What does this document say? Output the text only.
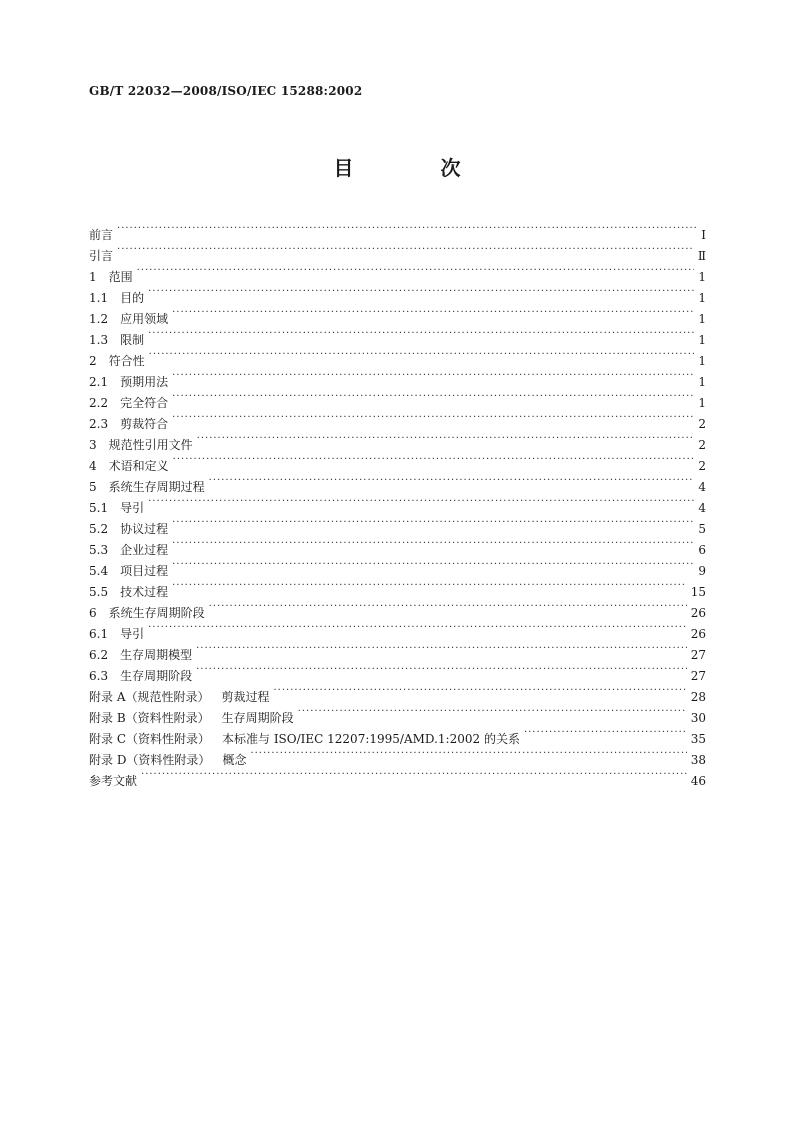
GB/T 22032—2008/ISO/IEC 15288:2002
目 次
前言 ·····	Ⅰ
引言 ·····	Ⅱ
1 范围 ·····	1
1.1 目的 ·····	1
1.2 应用领域 ·····	1
1.3 限制 ·····	1
2 符合性 ·····	1
2.1 预期用法 ·····	1
2.2 完全符合 ·····	1
2.3 剪裁符合 ·····	2
3 规范性引用文件 ·····	2
4 术语和定义 ·····	2
5 系统生存周期过程 ·····	4
5.1 导引 ·····	4
5.2 协议过程 ·····	5
5.3 企业过程 ·····	6
5.4 项目过程 ·····	9
5.5 技术过程 ·····	15
6 系统生存周期阶段 ·····	26
6.1 导引 ·····	26
6.2 生存周期模型 ·····	27
6.3 生存周期阶段 ·····	27
附录 A（规范性附录） 剪裁过程 ·····	28
附录 B（资料性附录） 生存周期阶段 ·····	30
附录 C（资料性附录） 本标准与 ISO/IEC 12207:1995/AMD.1:2002 的关系 ·····	35
附录 D（资料性附录） 概念 ·····	38
参考文献 ·····	46
